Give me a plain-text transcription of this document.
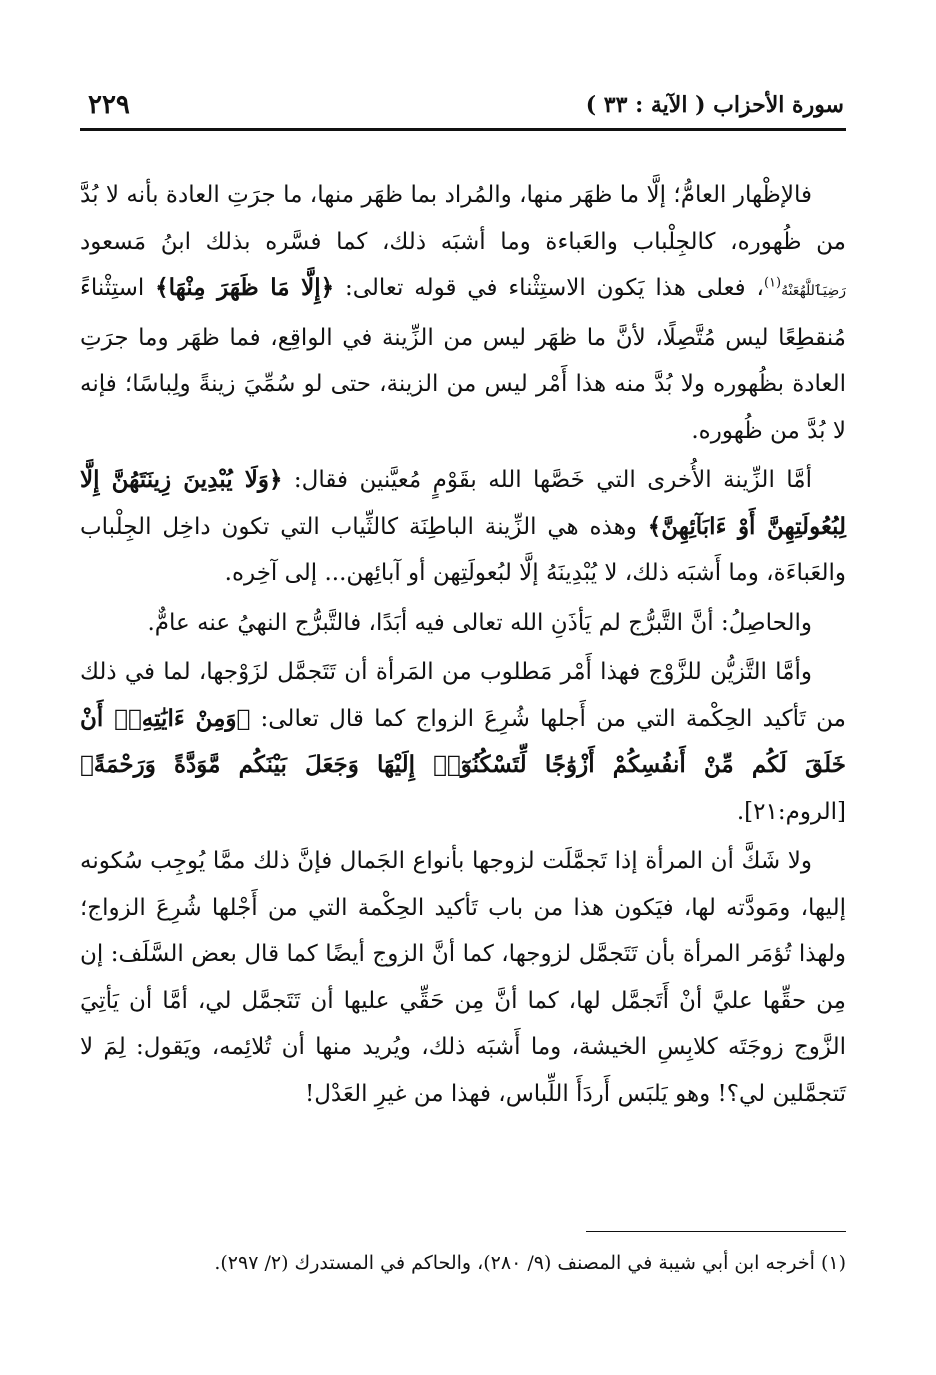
٢٢٩	سورة الأحزاب ( الآية : ٣٣ )

فالإظْهار العامُّ؛ إلَّا ما ظهَر منها، والمُراد بما ظهَر منها، ما جرَتِ العادة بأنه لا بُدَّ من ظُهوره، كالجِلْباب والعَباءة وما أشبَه ذلك، كما فسَّره بذلك ابنُ مَسعود رَضِيَٱللَّهُعَنْهُ$^{(١)}$، فعلى هذا يَكون الاستِثْناء في قوله تعالى: ﴿إِلَّا مَا ظَهَرَ مِنْهَا﴾ استِثْناءً مُنقطِعًا ليس مُتَّصِلًا، لأنَّ ما ظهَر ليس من الزِّينة في الواقِع، فما ظهَر وما جرَتِ العادة بظُهوره ولا بُدَّ منه هذا أَمْر ليس من الزينة، حتى لو سُمِّيَ زينةً ولِباسًا؛ فإنه لا بُدَّ من ظُهوره.

أمَّا الزِّينة الأُخرى التي خَصَّها الله بقَوْمٍ مُعيَّنين فقال: ﴿وَلَا يُبْدِينَ زِينَتَهُنَّ إِلَّا لِبُعُولَتِهِنَّ أَوْ ءَابَآئِهِنَّ﴾ وهذه هي الزِّينة الباطِنَة كالثِّياب التي تكون داخِل الجِلْباب والعَباءَة، وما أَشبَه ذلك، لا يُبْدِينَهُ إلَّا لبُعولَتِهن أو آبائِهن... إلى آخِره.

والحاصِلُ: أنَّ التَّبرُّج لم يَأذَنِ الله تعالى فيه أبَدًا، فالتَّبرُّج النهيُ عنه عامٌّ.

وأمَّا التَّزيُّن للزَّوْج فهذا أَمْر مَطلوب من المَرأة أن تَتَجمَّل لزَوْجها، لما في ذلك من تَأكيد الحِكْمة التي من أَجلها شُرِعَ الزواج كما قال تعالى: ﴿وَمِنْ ءَايَٰتِهِۦٓ أَنْ خَلَقَ لَكُم مِّنْ أَنفُسِكُمْ أَزْوَٰجًا لِّتَسْكُنُوٓا۟ إِلَيْهَا وَجَعَلَ بَيْنَكُم مَّوَدَّةً وَرَحْمَةً﴾ [الروم:٢١].

ولا شَكَّ أن المرأة إذا تَجمَّلَت لزوجها بأنواع الجَمال فإنَّ ذلك ممَّا يُوجِب سُكونه إليها، ومَودَّته لها، فيَكون هذا من باب تَأكيد الحِكْمة التي من أَجْلها شُرِعَ الزواج؛ ولهذا تُؤمَر المرأة بأن تَتَجمَّل لزوجها، كما أنَّ الزوج أيضًا كما قال بعض السَّلَف: إن مِن حقِّها عليَّ أنْ أَتَجمَّل لها، كما أنَّ مِن حَقِّي عليها أن تَتَجمَّل لي، أمَّا أن يَأتِيَ الزَّوج زوجَتَه كلابِسِ الخيشة، وما أَشبَه ذلك، ويُريد منها أن تُلائِمه، ويَقول: لِمَ لا تَتجمَّلين لي؟! وهو يَلبَس أَردَأَ اللِّباس، فهذا من غيرِ العَدْل!

(١) أخرجه ابن أبي شيبة في المصنف (٩/ ٢٨٠)، والحاكم في المستدرك (٢/ ٢٩٧).
